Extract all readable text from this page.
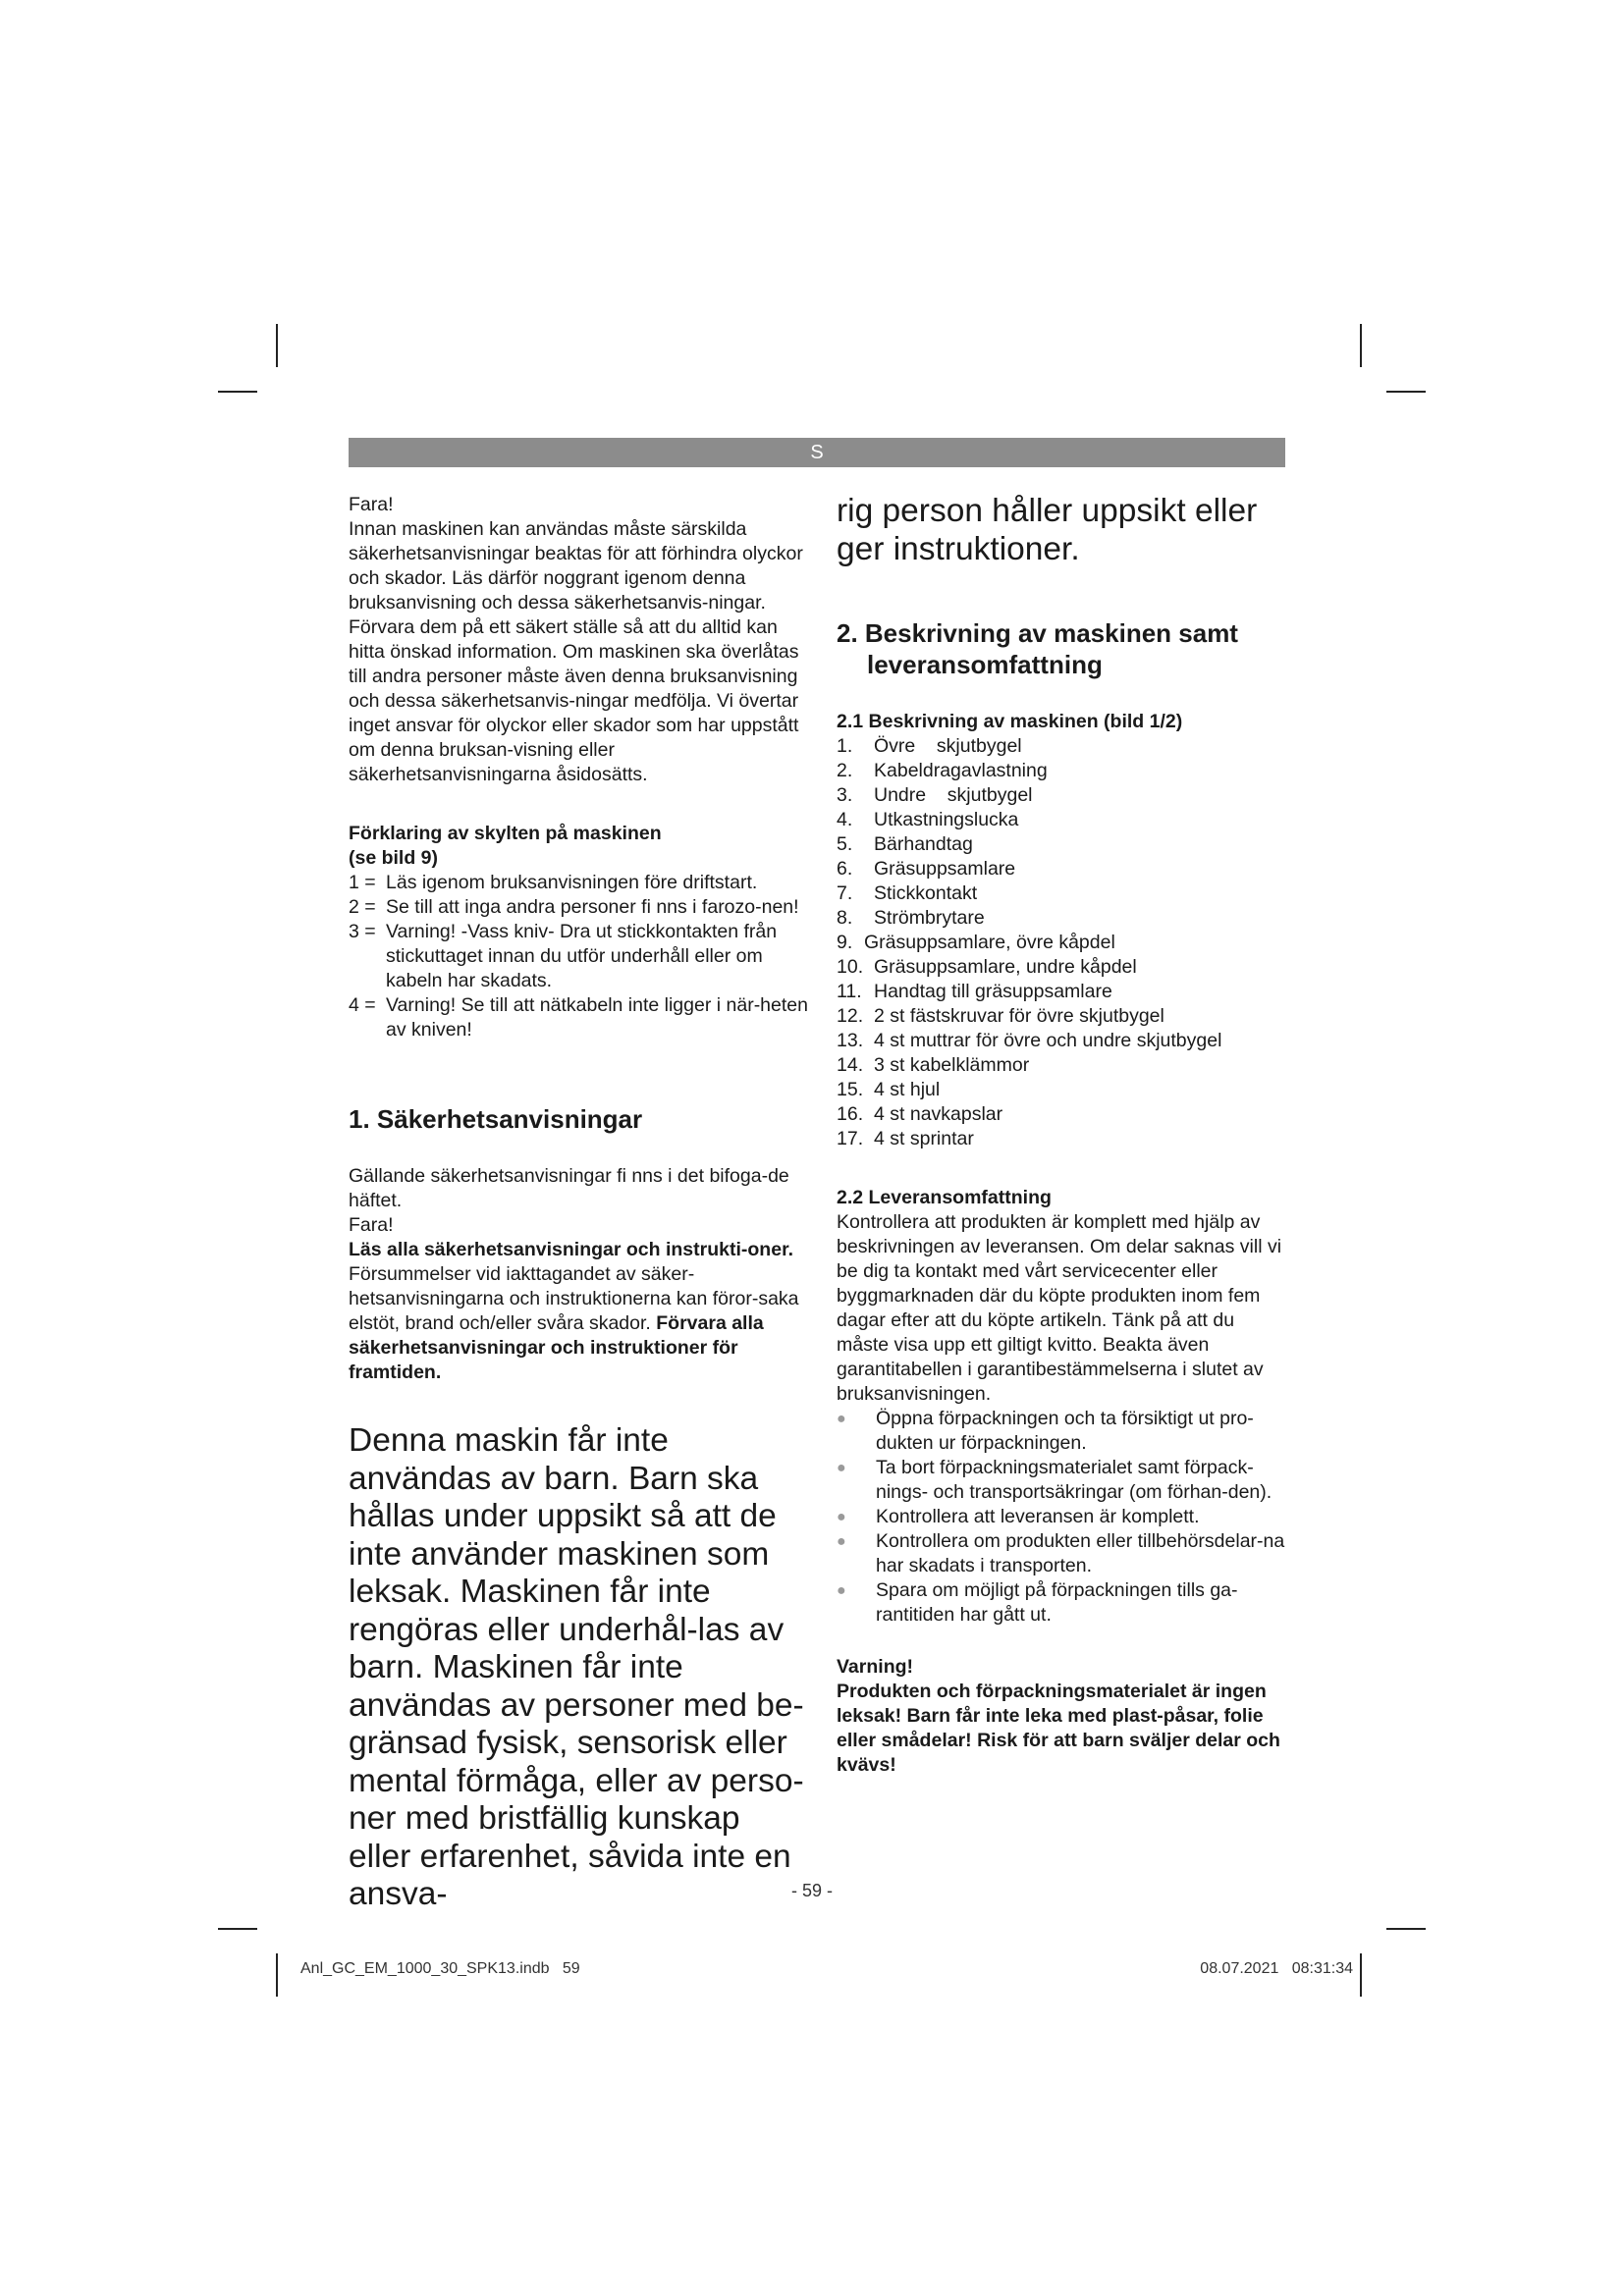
S

Fara!

Innan maskinen kan användas måste särskilda säkerhetsanvisningar beaktas för att förhindra olyckor och skador. Läs därför noggrant igenom denna bruksanvisning och dessa säkerhetsanvis-ningar. Förvara dem på ett säkert ställe så att du alltid kan hitta önskad information. Om maskinen ska överlåtas till andra personer måste även denna bruksanvisning och dessa säkerhetsanvis-ningar medfölja. Vi övertar inget ansvar för olyckor eller skador som har uppstått om denna bruksan-visning eller säkerhetsanvisningarna åsidosätts.

Förklaring av skylten på maskinen

(se bild 9)

1 = Läs igenom bruksanvisningen före driftstart.
2 = Se till att inga andra personer fi nns i farozo-nen!
3 = Varning! -Vass kniv- Dra ut stickkontakten från stickuttaget innan du utför underhåll eller om kabeln har skadats.
4 = Varning! Se till att nätkabeln inte ligger i när-heten av kniven!

1. Säkerhetsanvisningar

Gällande säkerhetsanvisningar fi nns i det bifoga-de häftet.

Fara!

Läs alla säkerhetsanvisningar och instrukti-oner. Försummelser vid iakttagandet av säker-hetsanvisningarna och instruktionerna kan föror-saka elstöt, brand och/eller svåra skador. Förvara alla säkerhetsanvisningar och instruktioner för framtiden.

Denna maskin får inte användas av barn. Barn ska hållas under uppsikt så att de inte använder maskinen som leksak. Maskinen får inte rengöras eller underhål-las av barn. Maskinen får inte användas av personer med be-gränsad fysisk, sensorisk eller mental förmåga, eller av perso-ner med bristfällig kunskap eller erfarenhet, såvida inte en ansva-

rig person håller uppsikt eller ger instruktioner.

2. Beskrivning av maskinen samt

leveransomfattning

2.1 Beskrivning av maskinen (bild 1/2)

1.	Övre    skjutbygel
2.	Kabeldragavlastning
3.	Undre    skjutbygel
4.	Utkastningslucka
5.	Bärhandtag
6.	Gräsuppsamlare
7.	Stickkontakt
8.	Strömbrytare
9. Gräsuppsamlare, övre kåpdel
10. Gräsuppsamlare, undre kåpdel
11. Handtag till gräsuppsamlare
12. 2 st fästskruvar för övre skjutbygel
13. 4 st muttrar för övre och undre skjutbygel
14. 3 st kabelklämmor
15. 4 st hjul
16. 4 st navkapslar
17. 4 st sprintar

2.2 Leveransomfattning

Kontrollera att produkten är komplett med hjälp av beskrivningen av leveransen. Om delar saknas vill vi be dig ta kontakt med vårt servicecenter eller byggmarknaden där du köpte produkten inom fem dagar efter att du köpte artikeln. Tänk på att du måste visa upp ett giltigt kvitto. Beakta även garantitabellen i garantibestämmelserna i slutet av bruksanvisningen.

●	Öppna förpackningen och ta försiktigt ut pro-dukten ur förpackningen.
●	Ta bort förpackningsmaterialet samt förpack-nings- och transportsäkringar (om förhan-den).
●	Kontrollera att leveransen är komplett.
●	Kontrollera om produkten eller tillbehörsdelar-na har skadats i transporten.
●	Spara om möjligt på förpackningen tills ga-rantitiden har gått ut.

Varning!

Produkten och förpackningsmaterialet är ingen leksak! Barn får inte leka med plast-påsar, folie eller smådelar! Risk för att barn sväljer delar och kvävs!

- 59 -
Anl_GC_EM_1000_30_SPK13.indb   59	08.07.2021   08:31:34
